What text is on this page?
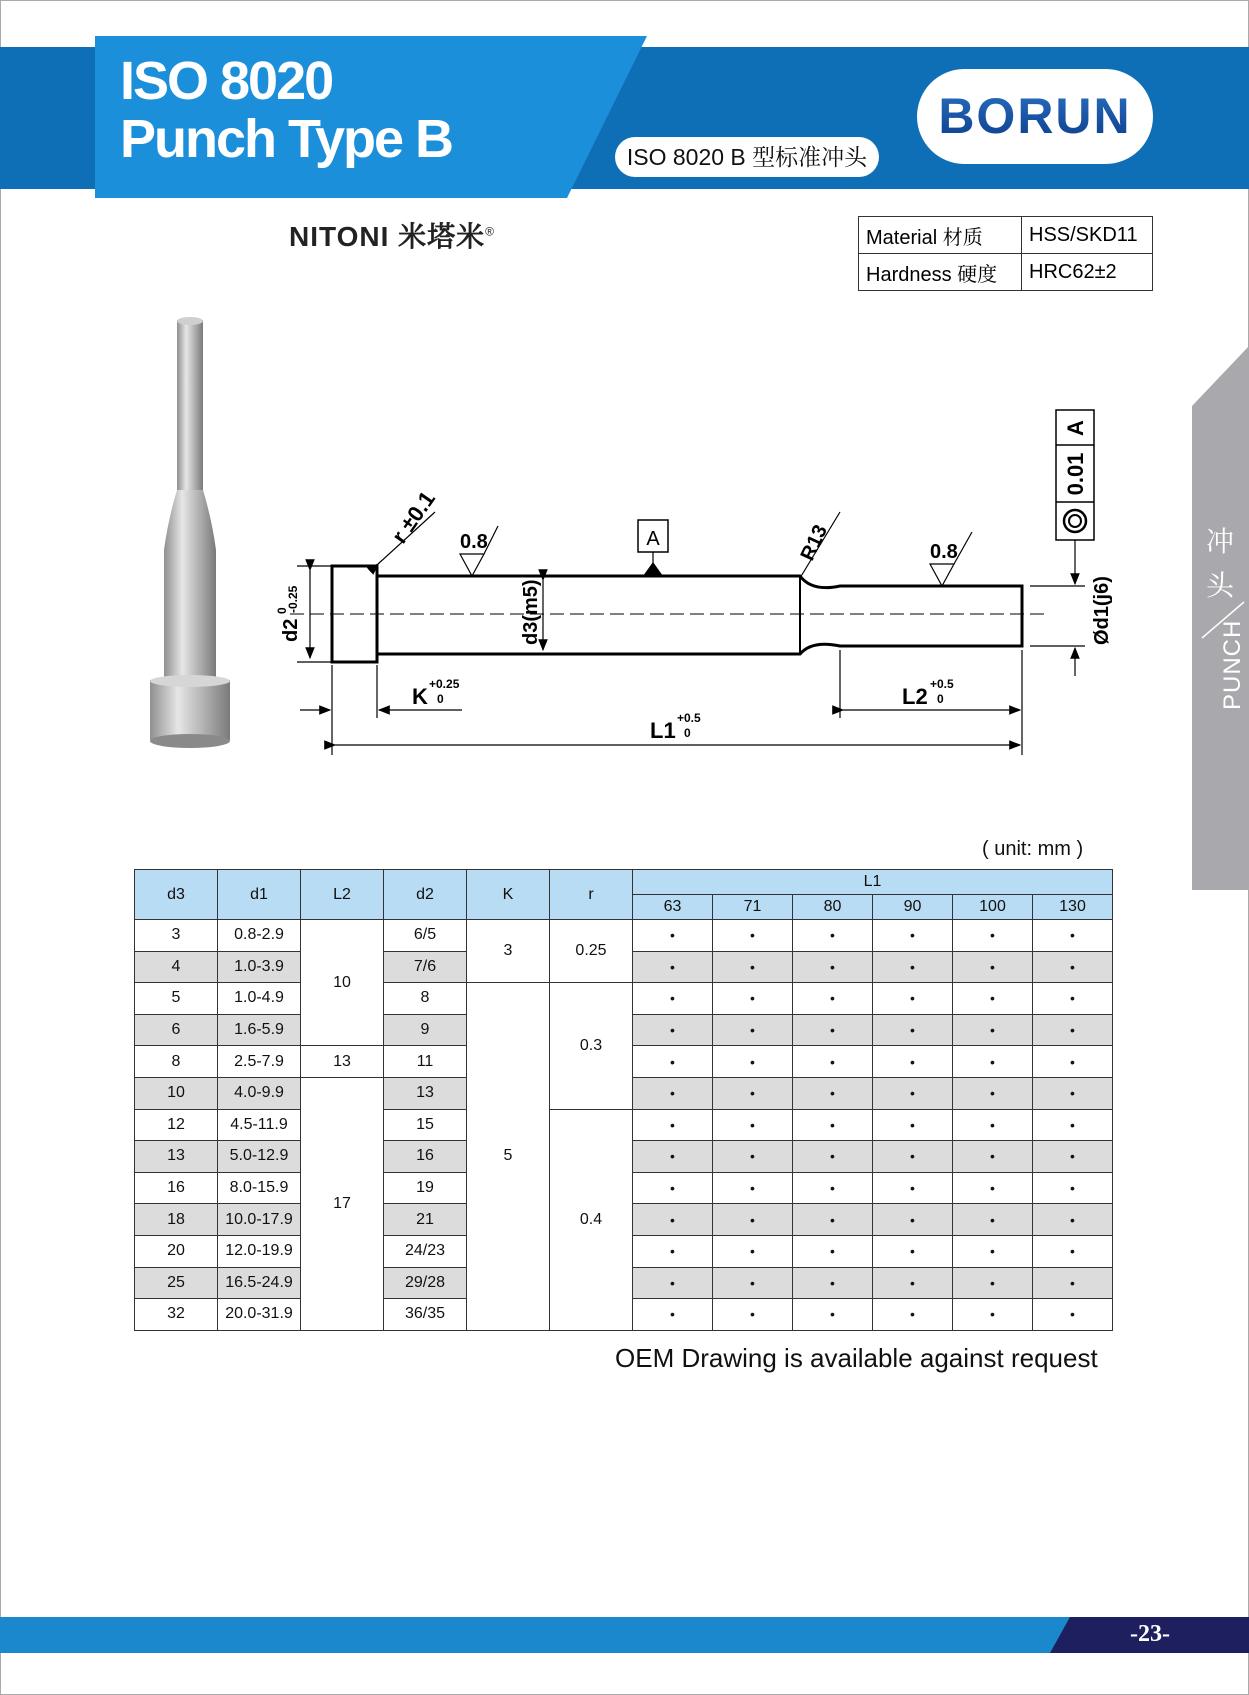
ISO 8020
Punch Type B	ISO 8020 B 型标准冲头
BORUN
冲头
PUNCH
NITONI 米塔米®	Material 材质	HSS/SKD11
Hardness 硬度	HRC62±2
A
0.01
A
r ±0.1 0.8	0.8
R13
d2
0
-0.25	d3(m5)	Ød1(j6)
K +0.25
0	L2 +0.5
0
L1 +0.5
0
( unit: mm )
d3	d1	L2	d2	K	r	L1					
						63	71	80	90	100	130
3	0.8-2.9	10	6/5	3	0.25	•	•	•	•	•	•
4	1.0-3.9		7/6			•	•	•	•	•	•
5	1.0-4.9		8	5	0.3	•	•	•	•	•	•
6	1.6-5.9		9			•	•	•	•	•	•
8	2.5-7.9	13	11			•	•	•	•	•	•
10	4.0-9.9	17	13			•	•	•	•	•	•
12	4.5-11.9		15		0.4	•	•	•	•	•	•
13	5.0-12.9		16			•	•	•	•	•	•
16	8.0-15.9		19			•	•	•	•	•	•
18	10.0-17.9		21			•	•	•	•	•	•
20	12.0-19.9		24/23			•	•	•	•	•	•
25	16.5-24.9		29/28			•	•	•	•	•	•
32	20.0-31.9		36/35			•	•	•	•	•	•
OEM Drawing is available against request
-23-
